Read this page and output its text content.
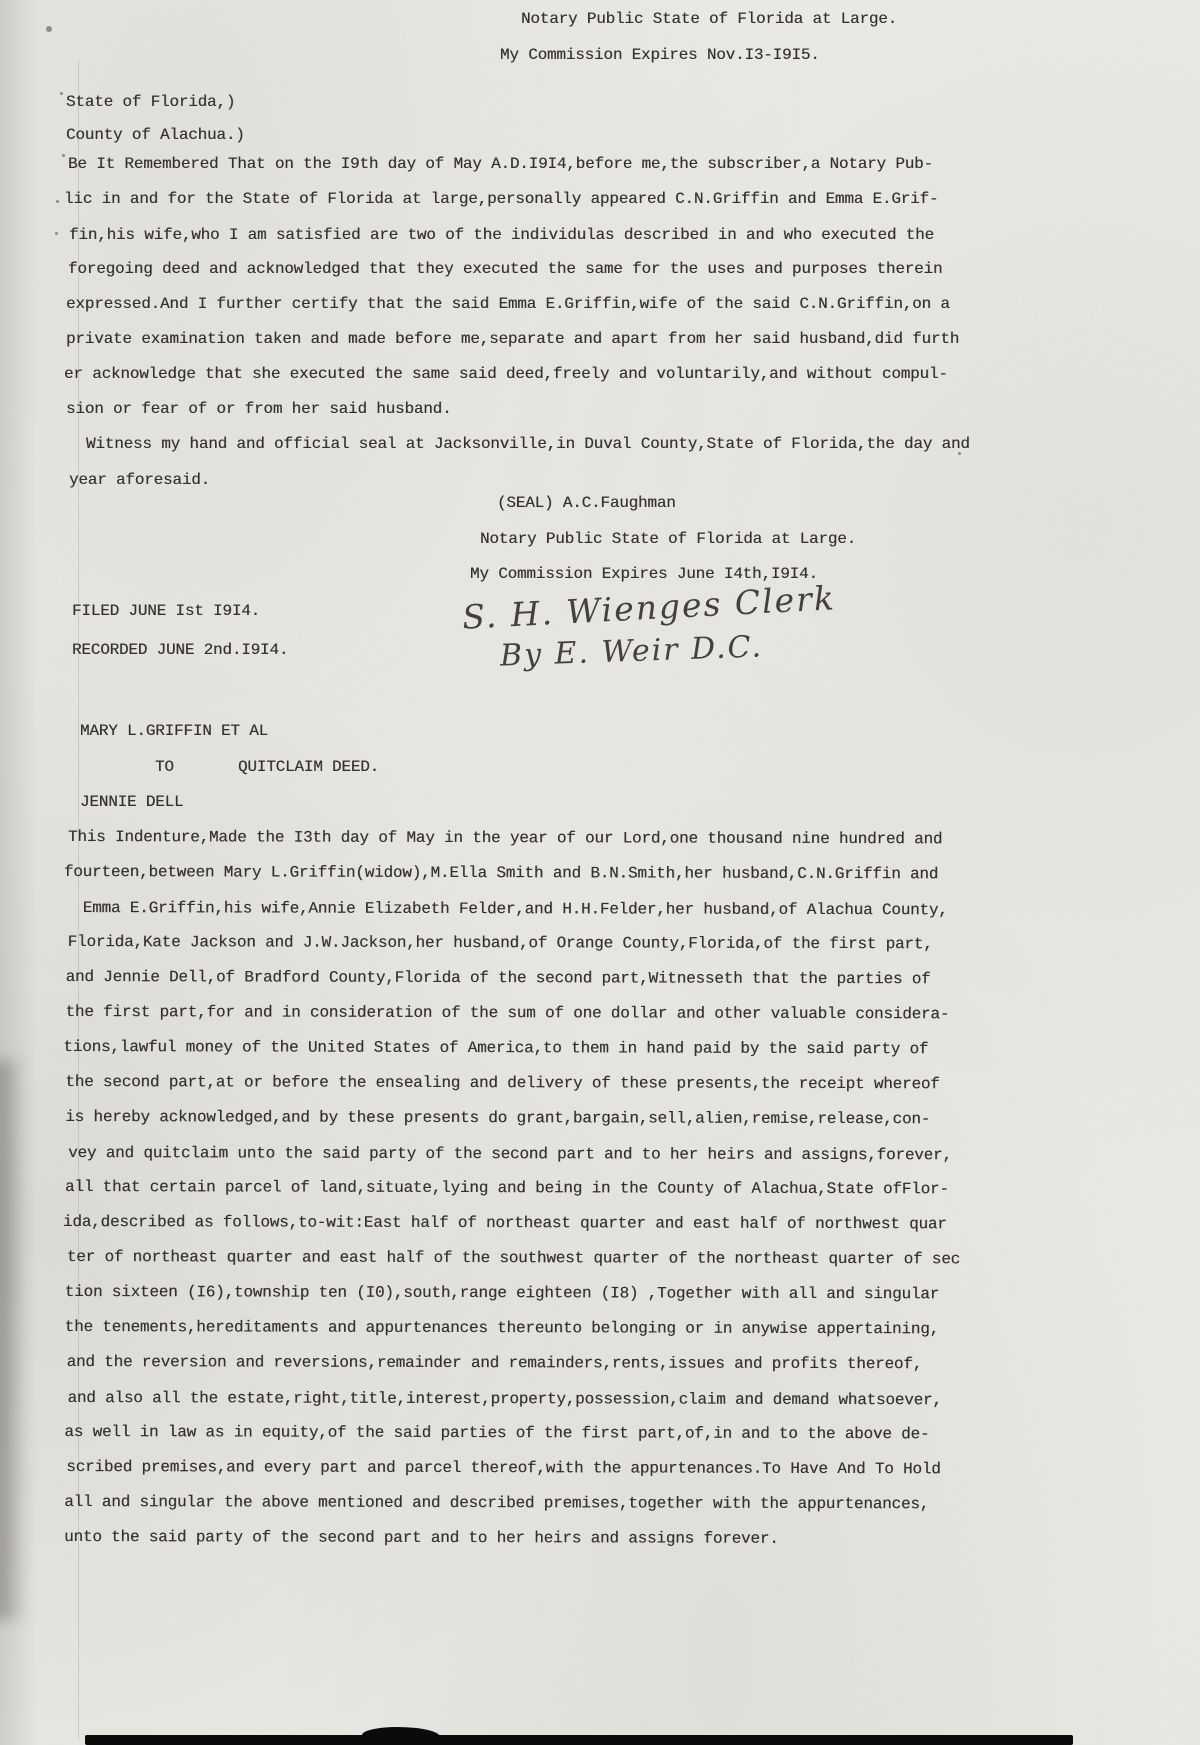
Notary Public State of Florida at Large.
My Commission Expires Nov.I3-I9I5.
State of Florida,)
County of Alachua.)
Be It Remembered That on the I9th day of May A.D.I9I4,before me,the subscriber,a Notary Pub-
lic in and for the State of Florida at large,personally appeared C.N.Griffin and Emma E.Grif-
fin,his wife,who I am satisfied are two of the individulas described in and who executed the
foregoing deed and acknowledged that they executed the same for the uses and purposes therein
expressed.And I further certify that the said Emma E.Griffin,wife of the said C.N.Griffin,on a
private examination taken and made before me,separate and apart from her said husband,did furth
er acknowledge that she executed the same said deed,freely and voluntarily,and without compul-
sion or fear of or from her said husband.
Witness my hand and official seal at Jacksonville,in Duval County,State of Florida,the day and
year aforesaid.
(SEAL) A.C.Faughman
Notary Public State of Florida at Large.
My Commission Expires June I4th,I9I4.
FILED JUNE Ist I9I4.
RECORDED JUNE 2nd.I9I4.
S. H. Wienges Clerk
By E. Weir D.C.
MARY L.GRIFFIN ET AL
TO	QUITCLAIM DEED.
JENNIE DELL
This Indenture,Made the I3th day of May in the year of our Lord,one thousand nine hundred and
fourteen,between Mary L.Griffin(widow),M.Ella Smith and B.N.Smith,her husband,C.N.Griffin and
Emma E.Griffin,his wife,Annie Elizabeth Felder,and H.H.Felder,her husband,of Alachua County,
Florida,Kate Jackson and J.W.Jackson,her husband,of Orange County,Florida,of the first part,
and Jennie Dell,of Bradford County,Florida of the second part,Witnesseth that the parties of
the first part,for and in consideration of the sum of one dollar and other valuable considera-
tions,lawful money of the United States of America,to them in hand paid by the said party of
the second part,at or before the ensealing and delivery of these presents,the receipt whereof
is hereby acknowledged,and by these presents do grant,bargain,sell,alien,remise,release,con-
vey and quitclaim unto the said party of the second part and to her heirs and assigns,forever,
all that certain parcel of land,situate,lying and being in the County of Alachua,State ofFlor-
ida,described as follows,to-wit:East half of northeast quarter and east half of northwest quar
ter of northeast quarter and east half of the southwest quarter of the northeast quarter of sec
tion sixteen (I6),township ten (I0),south,range eighteen (I8) ,Together with all and singular
the tenements,hereditaments and appurtenances thereunto belonging or in anywise appertaining,
and the reversion and reversions,remainder and remainders,rents,issues and profits thereof,
and also all the estate,right,title,interest,property,possession,claim and demand whatsoever,
as well in law as in equity,of the said parties of the first part,of,in and to the above de-
scribed premises,and every part and parcel thereof,with the appurtenances.To Have And To Hold
all and singular the above mentioned and described premises,together with the appurtenances,
unto the said party of the second part and to her heirs and assigns forever.
